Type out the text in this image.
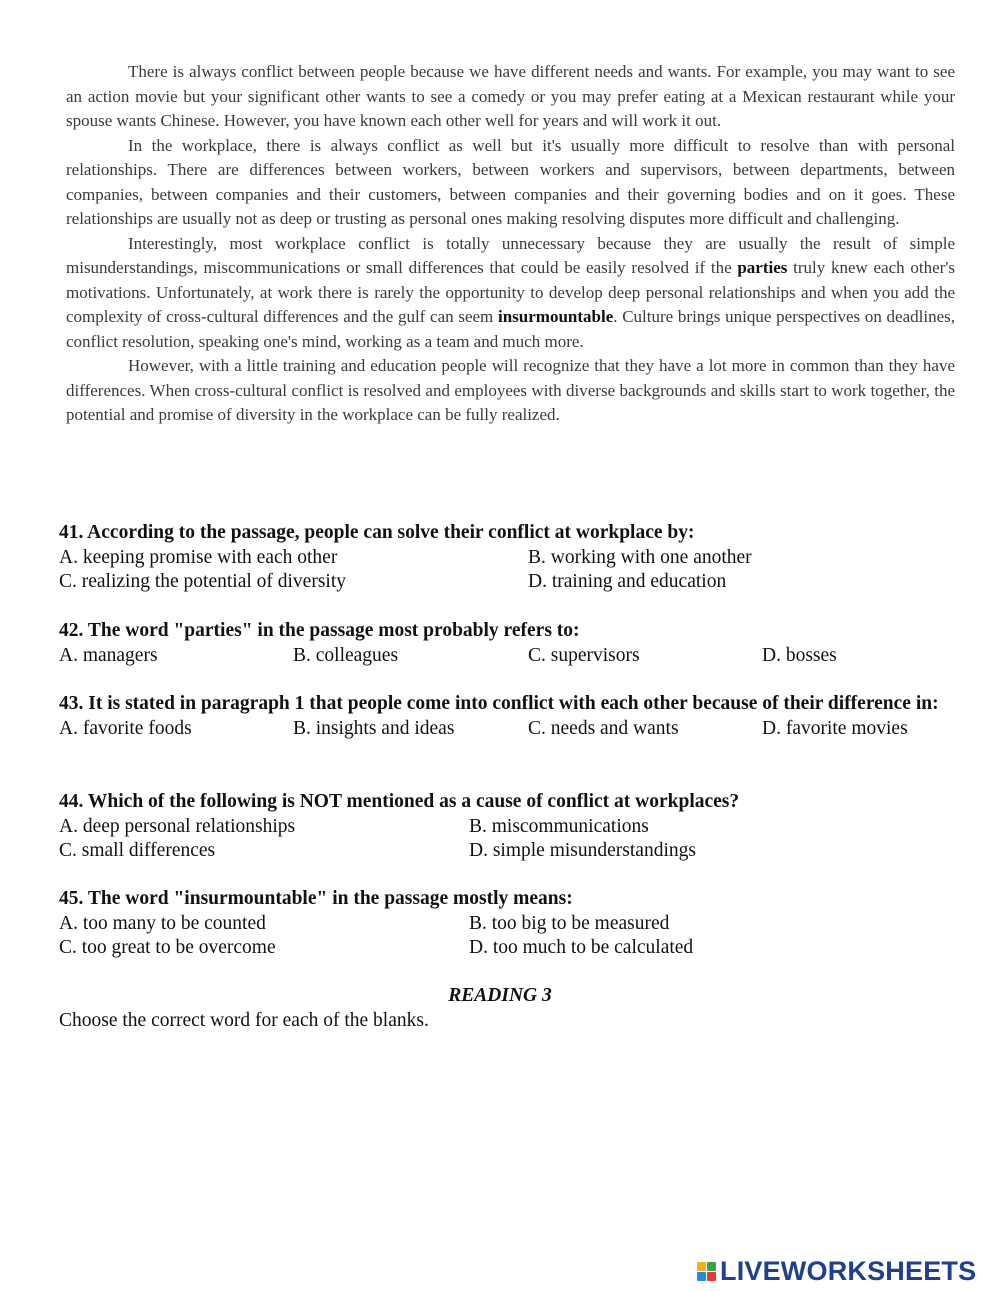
There is always conflict between people because we have different needs and wants. For example, you may want to see an action movie but your significant other wants to see a comedy or you may prefer eating at a Mexican restaurant while your spouse wants Chinese. However, you have known each other well for years and will work it out.

In the workplace, there is always conflict as well but it's usually more difficult to resolve than with personal relationships. There are differences between workers, between workers and supervisors, between departments, between companies, between companies and their customers, between companies and their governing bodies and on it goes. These relationships are usually not as deep or trusting as personal ones making resolving disputes more difficult and challenging.

Interestingly, most workplace conflict is totally unnecessary because they are usually the result of simple misunderstandings, miscommunications or small differences that could be easily resolved if the parties truly knew each other's motivations. Unfortunately, at work there is rarely the opportunity to develop deep personal relationships and when you add the complexity of cross-cultural differences and the gulf can seem insurmountable. Culture brings unique perspectives on deadlines, conflict resolution, speaking one's mind, working as a team and much more.

However, with a little training and education people will recognize that they have a lot more in common than they have differences. When cross-cultural conflict is resolved and employees with diverse backgrounds and skills start to work together, the potential and promise of diversity in the workplace can be fully realized.

41. According to the passage, people can solve their conflict at workplace by:

A. keeping promise with each other	B. working with one another
C. realizing the potential of diversity	D. training and education

42. The word "parties" in the passage most probably refers to:

A. managers	B. colleagues	C. supervisors	D. bosses

43. It is stated in paragraph 1 that people come into conflict with each other because of their difference in:

A. favorite foods	B. insights and ideas	C. needs and wants	D. favorite movies

44. Which of the following is NOT mentioned as a cause of conflict at workplaces?

A. deep personal relationships	B. miscommunications
C. small differences	D. simple misunderstandings

45. The word "insurmountable" in the passage mostly means:

A. too many to be counted	B. too big to be measured
C. too great to be overcome	D. too much to be calculated
READING 3
Choose the correct word for each of the blanks.
LIVEWORKSHEETS
